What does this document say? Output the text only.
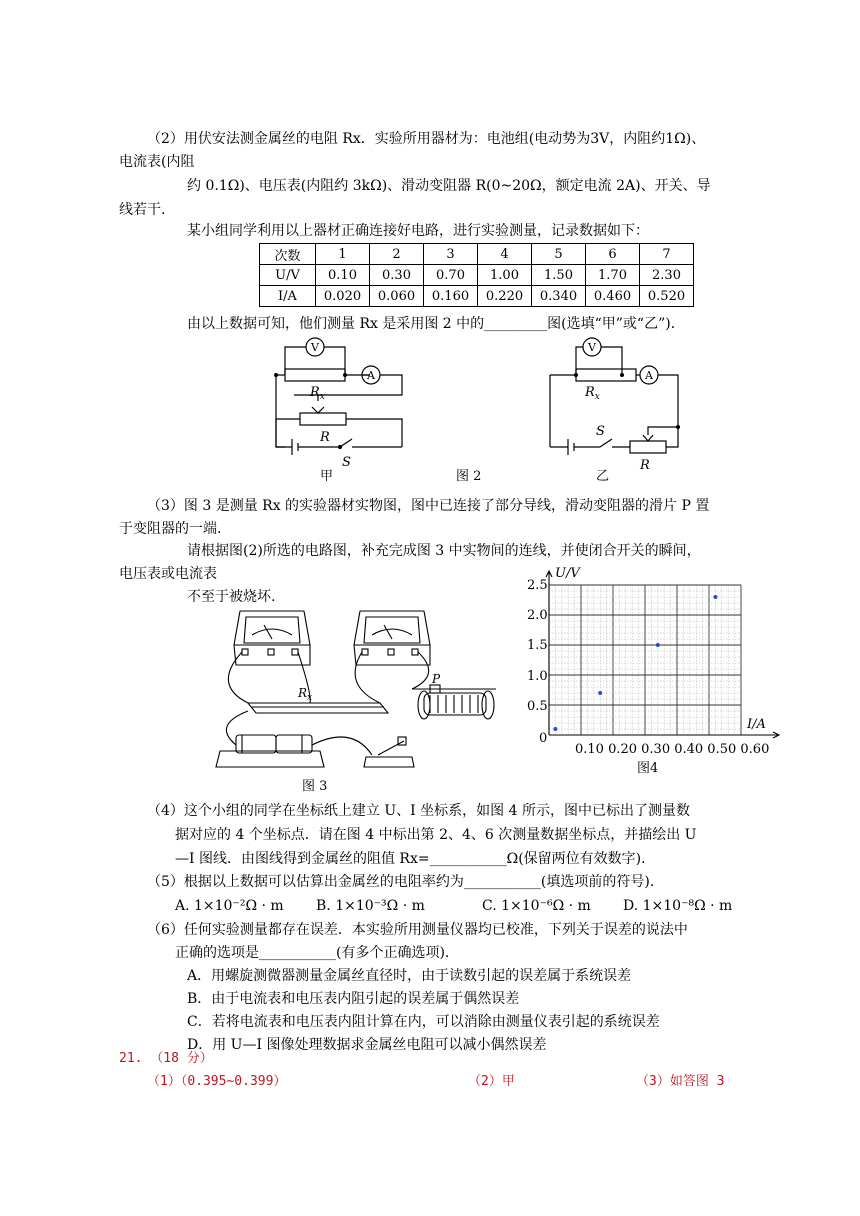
（2）用伏安法测金属丝的电阻 Rx．实验所用器材为：电池组(电动势为3V，内阻约1Ω)、
电流表(内阻
约 0.1Ω)、电压表(内阻约 3kΩ)、滑动变阻器 R(0~20Ω，额定电流 2A)、开关、导
线若干.
某小组同学利用以上器材正确连接好电路，进行实验测量，记录数据如下：
次数	1	2	3	4	5	6	7
U/V	0.10	0.30	0.70	1.00	1.50	1.70	2.30
I/A	0.020	0.060	0.160	0.220	0.340	0.460	0.520
由以上数据可知，他们测量 Rx 是采用图 2 中的_________图(选填“甲”或“乙”)．
V
A
V
A
$R_x$
R
S
$R_x$
S
R
甲	图 2	乙
（3）图 3 是测量 Rx 的实验器材实物图，图中已连接了部分导线，滑动变阻器的滑片 P 置
于变阻器的一端.
请根据图(2)所选的电路图，补充完成图 3 中实物间的连线，并使闭合开关的瞬间，
电压表或电流表
不至于被烧坏.
$R_x$
P
图 3
U/V
I/A
2.5
2.0
1.5
1.0
0.5
0
0.10 0.20 0.30 0.40 0.50 0.60
图4
（4）这个小组的同学在坐标纸上建立 U、I 坐标系，如图 4 所示，图中已标出了测量数
据对应的 4 个坐标点．请在图 4 中标出第 2、4、6 次测量数据坐标点，并描绘出 U
—I 图线．由图线得到金属丝的阻值 Rx=___________Ω(保留两位有效数字)．
（5）根据以上数据可以估算出金属丝的电阻率约为___________(填选项前的符号)．
A. 1×10⁻²Ω · m B. 1×10⁻³Ω · m	C. 1×10⁻⁶Ω · m D. 1×10⁻⁸Ω · m
（6）任何实验测量都存在误差．本实验所用测量仪器均已校准，下列关于误差的说法中
正确的选项是___________(有多个正确选项)．
A．用螺旋测微器测量金属丝直径时，由于读数引起的误差属于系统误差
B．由于电流表和电压表内阻引起的误差属于偶然误差
C．若将电流表和电压表内阻计算在内，可以消除由测量仪表引起的系统误差
D．用 U—I 图像处理数据求金属丝电阻可以减小偶然误差
21. （18 分）
（1）（0.395~0.399）	（2）甲	（3）如答图 3
